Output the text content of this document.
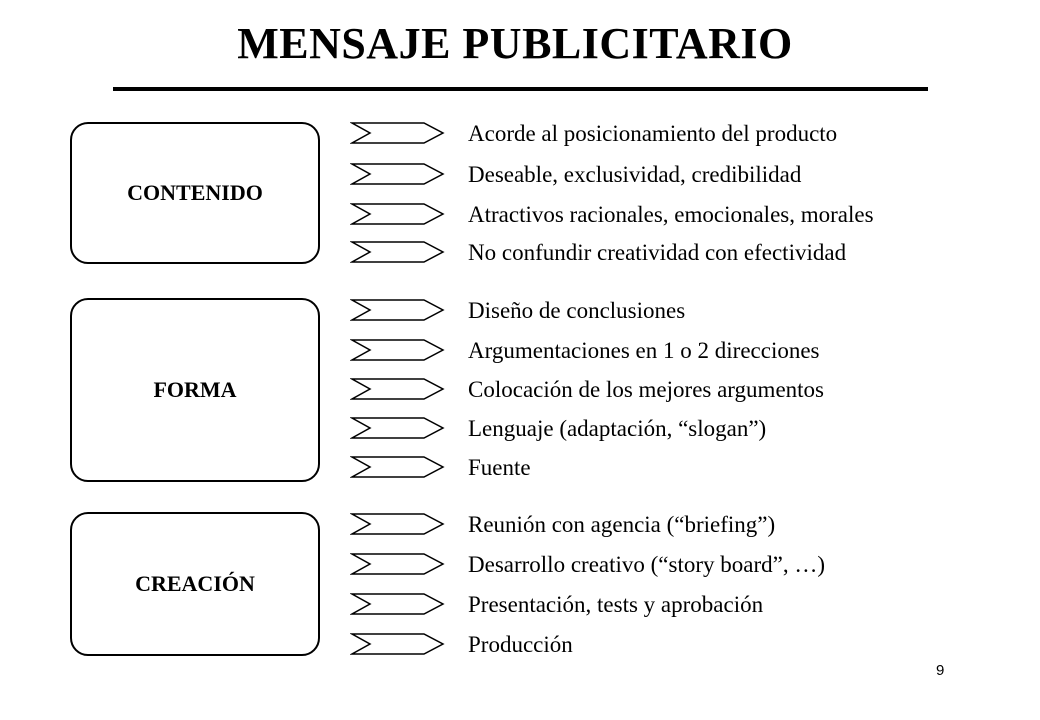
MENSAJE PUBLICITARIO
CONTENIDO
Acorde al posicionamiento del producto
Deseable, exclusividad, credibilidad
Atractivos racionales, emocionales, morales
No confundir creatividad con efectividad
FORMA
Diseño de conclusiones
Argumentaciones en 1 o 2 direcciones
Colocación de los mejores argumentos
Lenguaje (adaptación, “slogan”)
Fuente
CREACIÓN
Reunión con agencia (“briefing”)
Desarrollo creativo (“story board”, …)
Presentación, tests y aprobación
Producción
9
